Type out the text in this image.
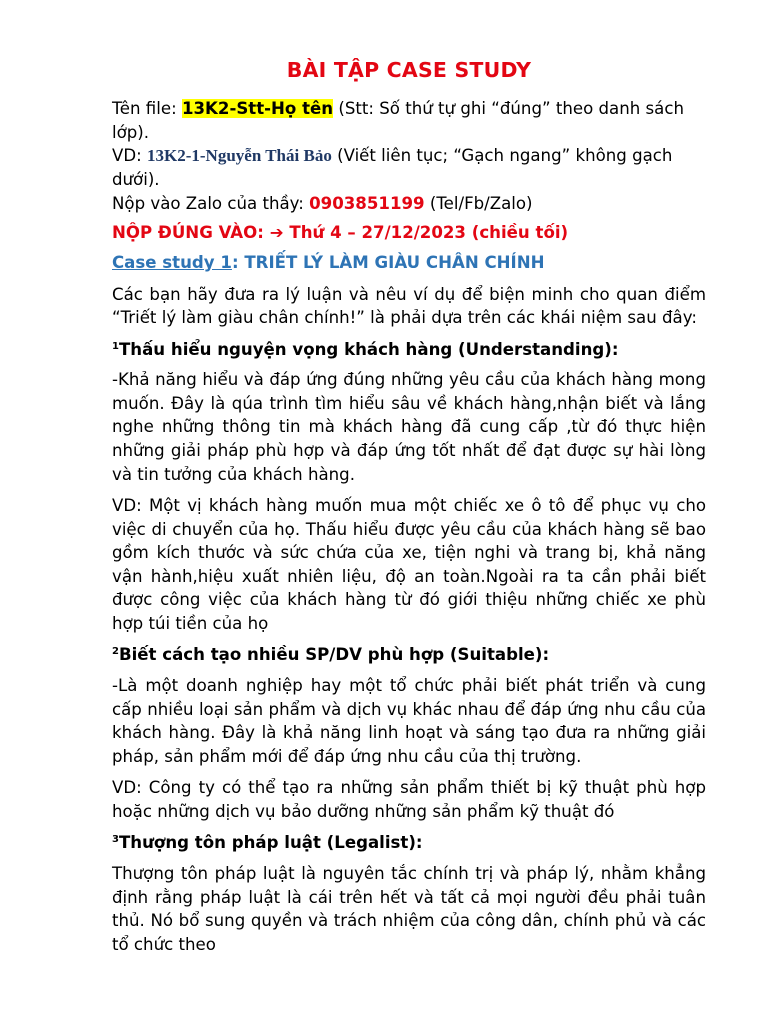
BÀI TẬP CASE STUDY

Tên file: 13K2-Stt-Họ tên (Stt: Số thứ tự ghi “đúng” theo danh sách lớp).

VD: 13K2-1-Nguyễn Thái Bảo (Viết liên tục; “Gạch ngang” không gạch dưới).

Nộp vào Zalo của thầy: 0903851199 (Tel/Fb/Zalo)

NỘP ĐÚNG VÀO: ➔ Thứ 4 – 27/12/2023 (chiều tối)

Case study 1: TRIẾT LÝ LÀM GIÀU CHÂN CHÍNH

Các bạn hãy đưa ra lý luận và nêu ví dụ để biện minh cho quan điểm “Triết lý làm giàu chân chính!” là phải dựa trên các khái niệm sau đây:

$^1$Thấu hiểu nguyện vọng khách hàng (Understanding):

-Khả năng hiểu và đáp ứng đúng những yêu cầu của khách hàng mong muốn. Đây là qúa trình tìm hiểu sâu về khách hàng,nhận biết và lắng nghe những thông tin mà khách hàng đã cung cấp ,từ đó thực hiện những giải pháp phù hợp và đáp ứng tốt nhất để đạt được sự hài lòng và tin tưởng của khách hàng.

VD: Một vị khách hàng muốn mua một chiếc xe ô tô để phục vụ cho việc di chuyển của họ. Thấu hiểu được yêu cầu của khách hàng sẽ bao gồm kích thước và sức chứa của xe, tiện nghi và trang bị, khả năng vận hành,hiệu xuất nhiên liệu, độ an toàn.Ngoài ra ta cần phải biết được công việc của khách hàng từ đó giới thiệu những chiếc xe phù hợp túi tiền của họ

$^2$Biết cách tạo nhiều SP/DV phù hợp (Suitable):

-Là một doanh nghiệp hay một tổ chức phải biết phát triển và cung cấp nhiều loại sản phẩm và dịch vụ khác nhau để đáp ứng nhu cầu của khách hàng. Đây là khả năng linh hoạt và sáng tạo đưa ra những giải pháp, sản phẩm mới để đáp ứng nhu cầu của thị trường.

VD: Công ty có thể tạo ra những sản phẩm thiết bị kỹ thuật phù hợp hoặc những dịch vụ bảo dưỡng những sản phẩm kỹ thuật đó

$^3$Thượng tôn pháp luật (Legalist):

Thượng tôn pháp luật là nguyên tắc chính trị và pháp lý, nhằm khẳng định rằng pháp luật là cái trên hết và tất cả mọi người đều phải tuân thủ. Nó bổ sung quyền và trách nhiệm của công dân, chính phủ và các tổ chức theo
